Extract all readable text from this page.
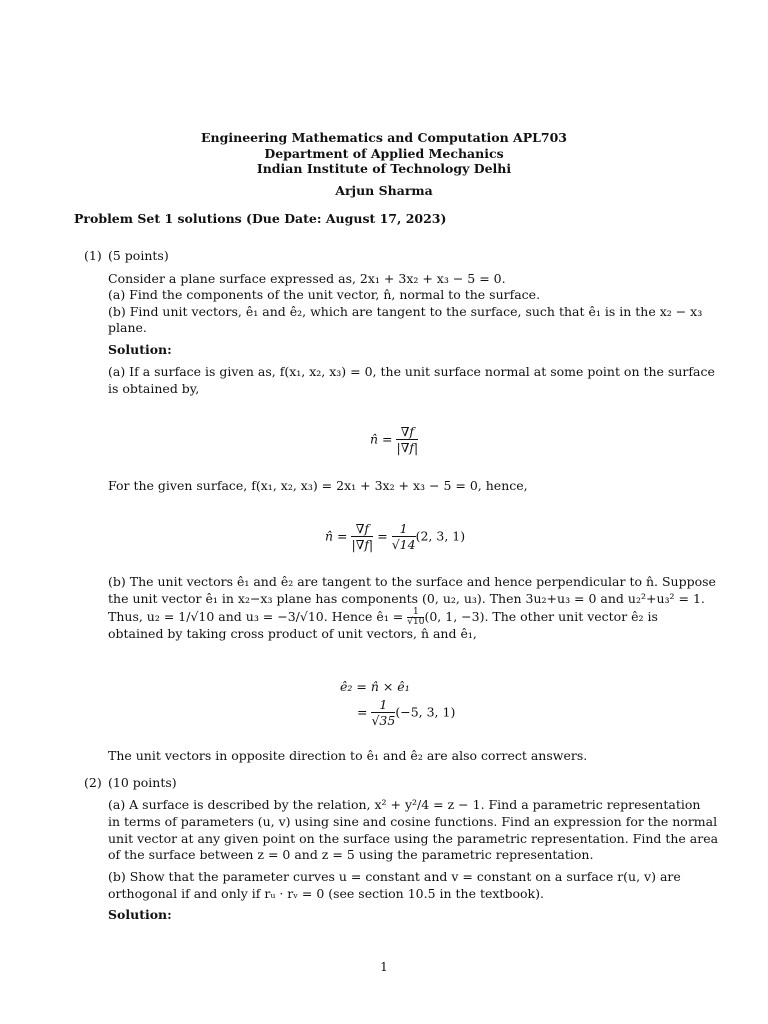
Engineering Mathematics and Computation APL703
Department of Applied Mechanics
Indian Institute of Technology Delhi
Arjun Sharma
Problem Set 1 solutions (Due Date: August 17, 2023)
(1) (5 points)
Consider a plane surface expressed as, 2x₁ + 3x₂ + x₃ − 5 = 0.
(a) Find the components of the unit vector, n̂, normal to the surface.
(b) Find unit vectors, ê₁ and ê₂, which are tangent to the surface, such that ê₁ is in the x₂ − x₃
plane.
Solution:
(a) If a surface is given as, f(x₁, x₂, x₃) = 0, the unit surface normal at some point on the surface
is obtained by,
n̂ = $\frac{\nabla f}{|\nabla f|}$
For the given surface, f(x₁, x₂, x₃) = 2x₁ + 3x₂ + x₃ − 5 = 0, hence,
n̂ = $\frac{\nabla f}{|\nabla f|} = \frac{1}{√14} (2$, 3, 1)
(b) The unit vectors ê₁ and ê₂ are tangent to the surface and hence perpendicular to n̂. Suppose
the unit vector ê₁ in x₂−x₃ plane has components (0, u₂, u₃). Then 3u₂+u₃ = 0 and u₂²+u₃² = 1.
Thus, u₂ = 1/√10 and u₃ = −3/√10. Hence ê₁ = $\frac{1}{√10} (0$, 1, −3). The other unit vector ê₂ is
obtained by taking cross product of unit vectors, n̂ and ê₁,
ê₂ = n̂ × ê₁
= $\frac{1}{√35} (-5$, 3, 1)
The unit vectors in opposite direction to ê₁ and ê₂ are also correct answers.
(2) (10 points)
(a) A surface is described by the relation, x² + y²/4 = z − 1. Find a parametric representation
in terms of parameters (u, v) using sine and cosine functions. Find an expression for the normal
unit vector at any given point on the surface using the parametric representation. Find the area
of the surface between z = 0 and z = 5 using the parametric representation.
(b) Show that the parameter curves u = constant and v = constant on a surface r(u, v) are
orthogonal if and only if rᵤ · rᵥ = 0 (see section 10.5 in the textbook).
Solution:
1
